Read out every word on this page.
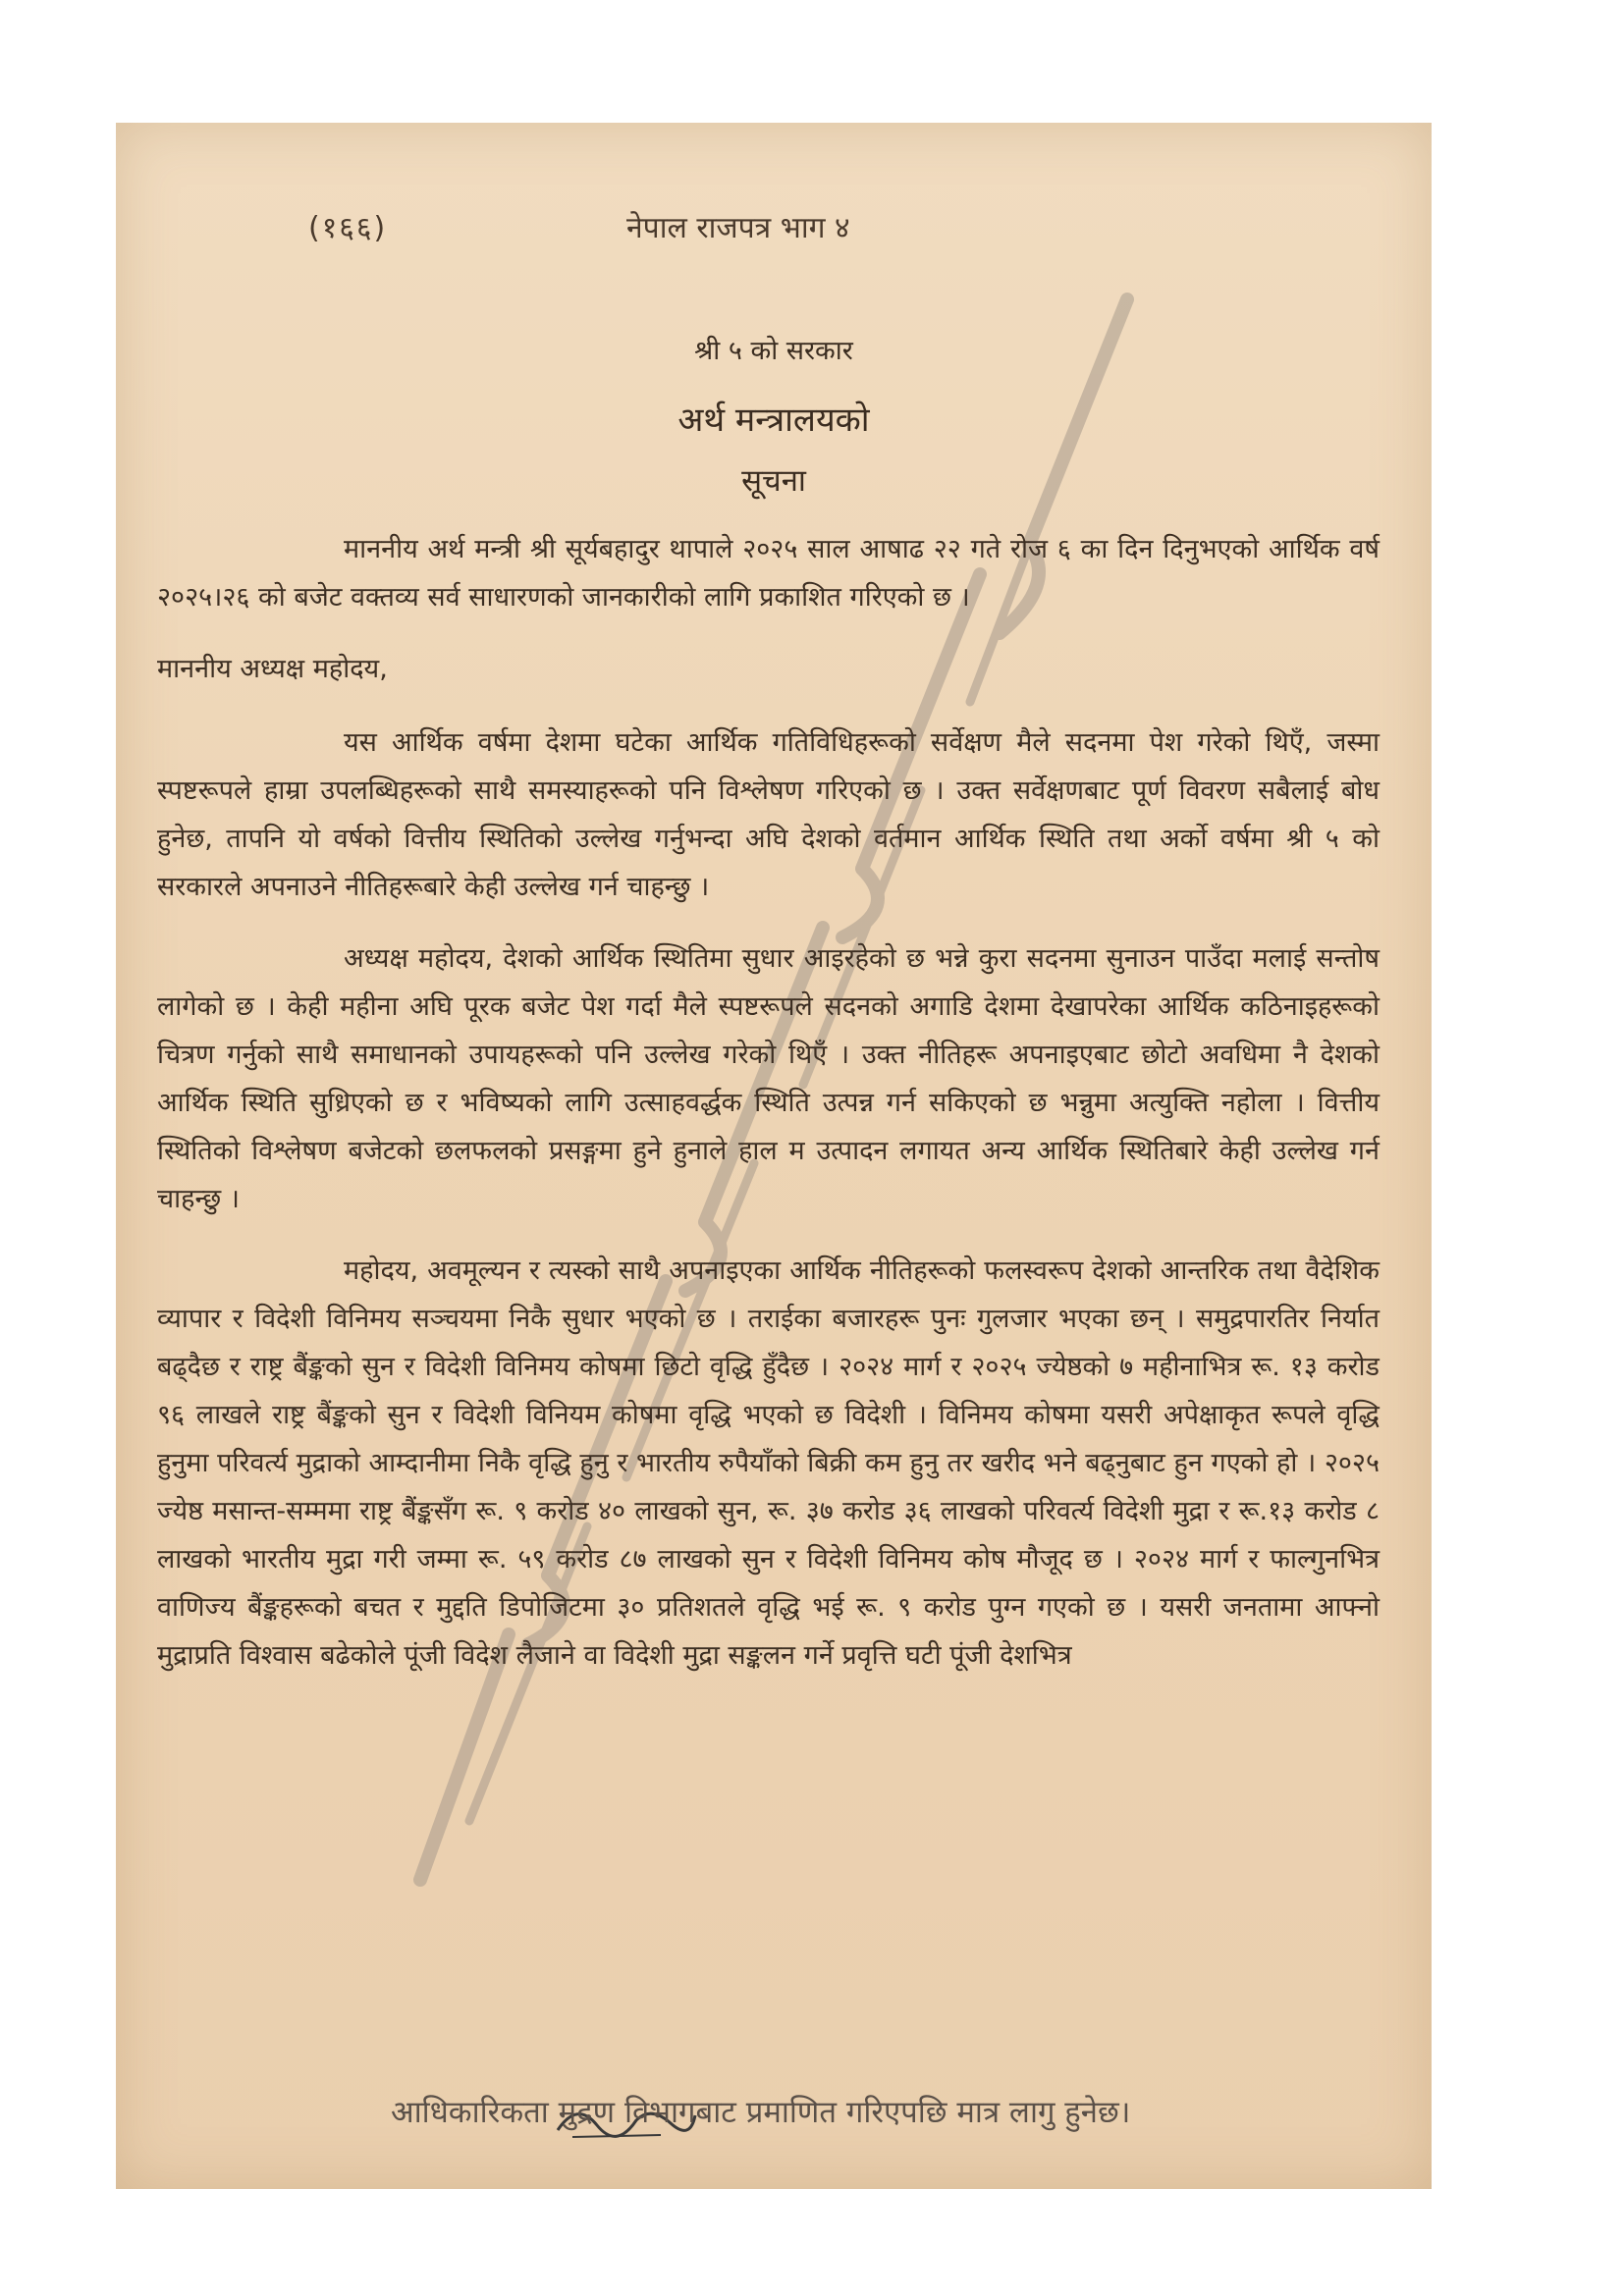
(१६६)	नेपाल राजपत्र भाग ४
श्री ५ को सरकार
अर्थ मन्त्रालयको
सूचना

माननीय अर्थ मन्त्री श्री सूर्यबहादुर थापाले २०२५ साल आषाढ २२ गते रोज ६ का दिन दिनुभएको आर्थिक वर्ष २०२५।२६ को बजेट वक्तव्य सर्व साधारणको जानकारीको लागि प्रकाशित गरिएको छ ।

माननीय अध्यक्ष महोदय,

यस आर्थिक वर्षमा देशमा घटेका आर्थिक गतिविधिहरूको सर्वेक्षण मैले सदनमा पेश गरेको थिएँ, जस्मा स्पष्टरूपले हाम्रा उपलब्धिहरूको साथै समस्याहरूको पनि विश्लेषण गरिएको छ । उक्त सर्वेक्षणबाट पूर्ण विवरण सबैलाई बोध हुनेछ, तापनि यो वर्षको वित्तीय स्थितिको उल्लेख गर्नुभन्दा अघि देशको वर्तमान आर्थिक स्थिति तथा अर्को वर्षमा श्री ५ को सरकारले अपनाउने नीतिहरूबारे केही उल्लेख गर्न चाहन्छु ।

अध्यक्ष महोदय, देशको आर्थिक स्थितिमा सुधार आइरहेको छ भन्ने कुरा सदनमा सुनाउन पाउँदा मलाई सन्तोष लागेको छ । केही महीना अघि पूरक बजेट पेश गर्दा मैले स्पष्टरूपले सदनको अगाडि देशमा देखापरेका आर्थिक कठिनाइहरूको चित्रण गर्नुको साथै समाधानको उपायहरूको पनि उल्लेख गरेको थिएँ । उक्त नीतिहरू अपनाइएबाट छोटो अवधिमा नै देशको आर्थिक स्थिति सुध्रिएको छ र भविष्यको लागि उत्साहवर्द्धक स्थिति उत्पन्न गर्न सकिएको छ भन्नुमा अत्युक्ति नहोला । वित्तीय स्थितिको विश्लेषण बजेटको छलफलको प्रसङ्गमा हुने हुनाले हाल म उत्पादन लगायत अन्य आर्थिक स्थितिबारे केही उल्लेख गर्न चाहन्छु ।

महोदय, अवमूल्यन र त्यस्को साथै अपनाइएका आर्थिक नीतिहरूको फलस्वरूप देशको आन्तरिक तथा वैदेशिक व्यापार र विदेशी विनिमय सञ्चयमा निकै सुधार भएको छ । तराईका बजारहरू पुनः गुलजार भएका छन् । समुद्रपारतिर निर्यात बढ्दैछ र राष्ट्र बैंङ्कको सुन र विदेशी विनिमय कोषमा छिटो वृद्धि हुँदैछ । २०२४ मार्ग र २०२५ ज्येष्ठको ७ महीनाभित्र रू. १३ करोड ९६ लाखले राष्ट्र बैंङ्कको सुन र विदेशी विनियम कोषमा वृद्धि भएको छ विदेशी । विनिमय कोषमा यसरी अपेक्षाकृत रूपले वृद्धि हुनुमा परिवर्त्य मुद्राको आम्दानीमा निकै वृद्धि हुनु र भारतीय रुपैयाँको बिक्री कम हुनु तर खरीद भने बढ्नुबाट हुन गएको हो । २०२५ ज्येष्ठ मसान्त-सम्ममा राष्ट्र बैंङ्कसँग रू. ९ करोड ४० लाखको सुन, रू. ३७ करोड ३६ लाखको परिवर्त्य विदेशी मुद्रा र रू.१३ करोड ८ लाखको भारतीय मुद्रा गरी जम्मा रू. ५९ करोड ८७ लाखको सुन र विदेशी विनिमय कोष मौजूद छ । २०२४ मार्ग र फाल्गुनभित्र वाणिज्य बैंङ्कहरूको बचत र मुद्दति डिपोजिटमा ३० प्रतिशतले वृद्धि भई रू. ९ करोड पुग्न गएको छ । यसरी जनतामा आफ्नो मुद्राप्रति विश्वास बढेकोले पूंजी विदेश लैजाने वा विदेशी मुद्रा सङ्कलन गर्ने प्रवृत्ति घटी पूंजी देशभित्र

आधिकारिकता मुद्रण विभागबाट प्रमाणित गरिएपछि मात्र लागु हुनेछ।
